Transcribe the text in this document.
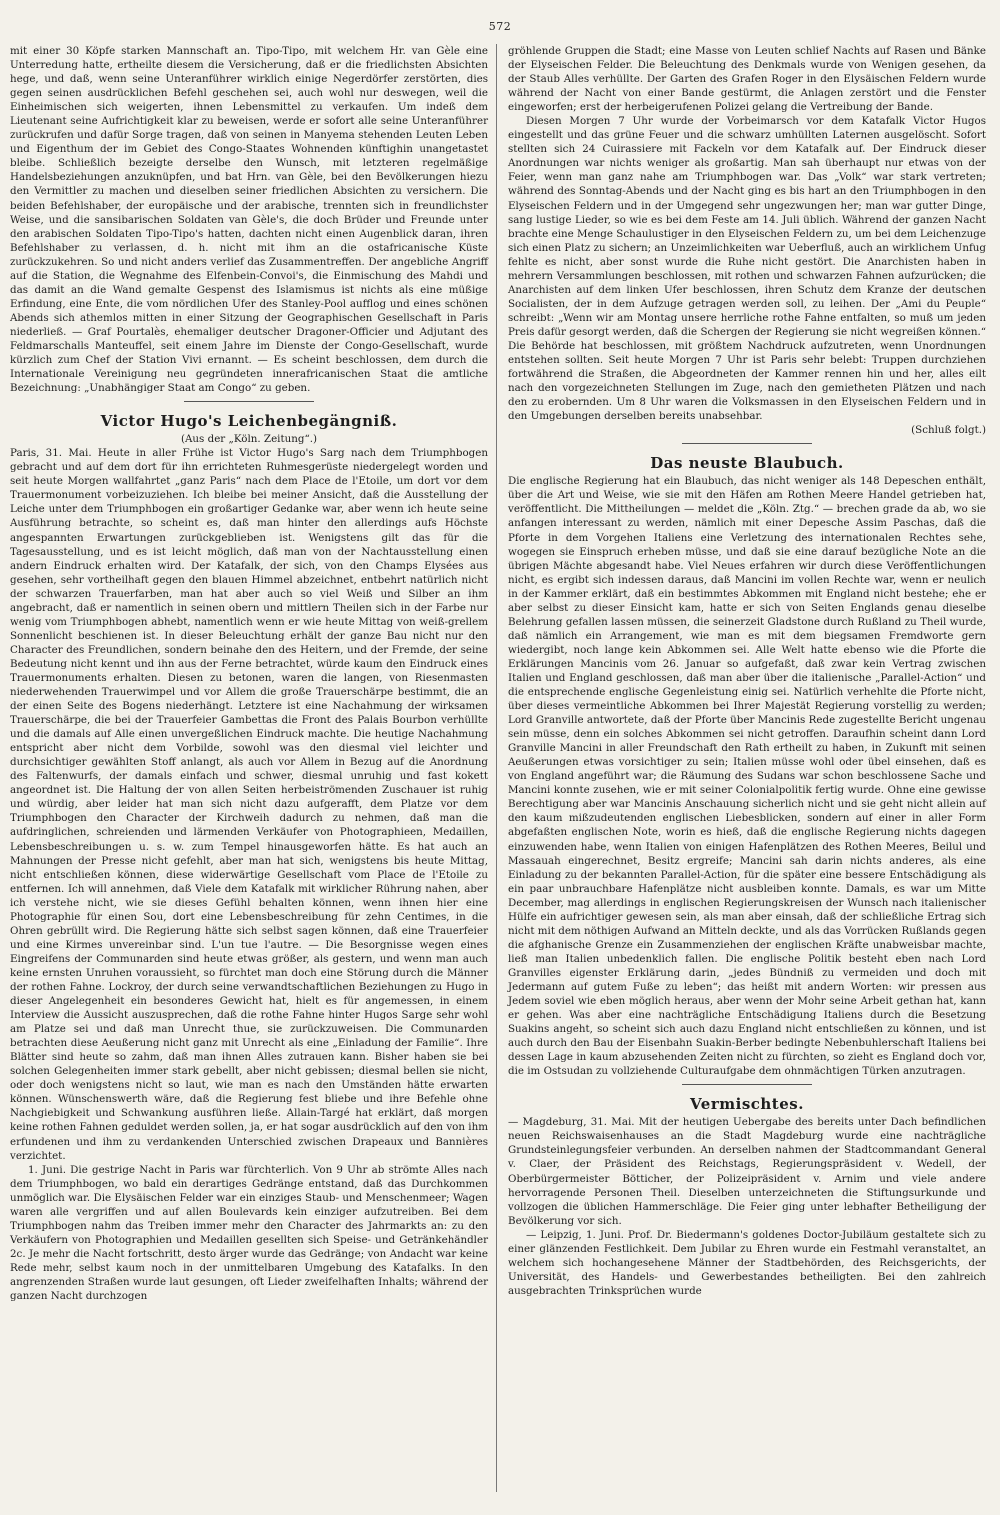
572

mit einer 30 Köpfe starken Mannschaft an. Tipo-Tipo, mit welchem Hr. van Gèle eine Unterredung hatte, ertheilte diesem die Versicherung, daß er die friedlichsten Absichten hege, und daß, wenn seine Unteranführer wirklich einige Negerdörfer zerstörten, dies gegen seinen ausdrücklichen Befehl geschehen sei, auch wohl nur deswegen, weil die Einheimischen sich weigerten, ihnen Lebensmittel zu verkaufen. Um indeß dem Lieutenant seine Aufrichtigkeit klar zu beweisen, werde er sofort alle seine Unteranführer zurückrufen und dafür Sorge tragen, daß von seinen in Manyema stehenden Leuten Leben und Eigenthum der im Gebiet des Congo-Staates Wohnenden künftighin unangetastet bleibe. Schließlich bezeigte derselbe den Wunsch, mit letzteren regelmäßige Handelsbeziehungen anzuknüpfen, und bat Hrn. van Gèle, bei den Bevölkerungen hiezu den Vermittler zu machen und dieselben seiner friedlichen Absichten zu versichern. Die beiden Befehlshaber, der europäische und der arabische, trennten sich in freundlichster Weise, und die sansibarischen Soldaten van Gèle's, die doch Brüder und Freunde unter den arabischen Soldaten Tipo-Tipo's hatten, dachten nicht einen Augenblick daran, ihren Befehlshaber zu verlassen, d. h. nicht mit ihm an die ostafricanische Küste zurückzukehren. So und nicht anders verlief das Zusammentreffen. Der angebliche Angriff auf die Station, die Wegnahme des Elfenbein-Convoi's, die Einmischung des Mahdi und das damit an die Wand gemalte Gespenst des Islamismus ist nichts als eine müßige Erfindung, eine Ente, die vom nördlichen Ufer des Stanley-Pool aufflog und eines schönen Abends sich athemlos mitten in einer Sitzung der Geographischen Gesellschaft in Paris niederließ. — Graf Pourtalès, ehemaliger deutscher Dragoner-Officier und Adjutant des Feldmarschalls Manteuffel, seit einem Jahre im Dienste der Congo-Gesellschaft, wurde kürzlich zum Chef der Station Vivi ernannt. — Es scheint beschlossen, dem durch die Internationale Vereinigung neu gegründeten innerafricanischen Staat die amtliche Bezeichnung: „Unabhängiger Staat am Congo“ zu geben.

Victor Hugo's Leichenbegängniß.

(Aus der „Köln. Zeitung“.)

Paris, 31. Mai. Heute in aller Frühe ist Victor Hugo's Sarg nach dem Triumphbogen gebracht und auf dem dort für ihn errichteten Ruhmesgerüste niedergelegt worden und seit heute Morgen wallfahrtet „ganz Paris“ nach dem Place de l'Etoile, um dort vor dem Trauermonument vorbeizuziehen. Ich bleibe bei meiner Ansicht, daß die Ausstellung der Leiche unter dem Triumphbogen ein großartiger Gedanke war, aber wenn ich heute seine Ausführung betrachte, so scheint es, daß man hinter den allerdings aufs Höchste angespannten Erwartungen zurückgeblieben ist. Wenigstens gilt das für die Tagesausstellung, und es ist leicht möglich, daß man von der Nachtausstellung einen andern Eindruck erhalten wird. Der Katafalk, der sich, von den Champs Elysées aus gesehen, sehr vortheilhaft gegen den blauen Himmel abzeichnet, entbehrt natürlich nicht der schwarzen Trauerfarben, man hat aber auch so viel Weiß und Silber an ihm angebracht, daß er namentlich in seinen obern und mittlern Theilen sich in der Farbe nur wenig vom Triumphbogen abhebt, namentlich wenn er wie heute Mittag von weiß-grellem Sonnenlicht beschienen ist. In dieser Beleuchtung erhält der ganze Bau nicht nur den Character des Freundlichen, sondern beinahe den des Heitern, und der Fremde, der seine Bedeutung nicht kennt und ihn aus der Ferne betrachtet, würde kaum den Eindruck eines Trauermonuments erhalten. Diesen zu betonen, waren die langen, von Riesenmasten niederwehenden Trauerwimpel und vor Allem die große Trauerschärpe bestimmt, die an der einen Seite des Bogens niederhängt. Letztere ist eine Nachahmung der wirksamen Trauerschärpe, die bei der Trauerfeier Gambettas die Front des Palais Bourbon verhüllte und die damals auf Alle einen unvergeßlichen Eindruck machte. Die heutige Nachahmung entspricht aber nicht dem Vorbilde, sowohl was den diesmal viel leichter und durchsichtiger gewählten Stoff anlangt, als auch vor Allem in Bezug auf die Anordnung des Faltenwurfs, der damals einfach und schwer, diesmal unruhig und fast kokett angeordnet ist. Die Haltung der von allen Seiten herbeiströmenden Zuschauer ist ruhig und würdig, aber leider hat man sich nicht dazu aufgerafft, dem Platze vor dem Triumphbogen den Character der Kirchweih dadurch zu nehmen, daß man die aufdringlichen, schreienden und lärmenden Verkäufer von Photographieen, Medaillen, Lebensbeschreibungen u. s. w. zum Tempel hinausgeworfen hätte. Es hat auch an Mahnungen der Presse nicht gefehlt, aber man hat sich, wenigstens bis heute Mittag, nicht entschließen können, diese widerwärtige Gesellschaft vom Place de l'Etoile zu entfernen. Ich will annehmen, daß Viele dem Katafalk mit wirklicher Rührung nahen, aber ich verstehe nicht, wie sie dieses Gefühl behalten können, wenn ihnen hier eine Photographie für einen Sou, dort eine Lebensbeschreibung für zehn Centimes, in die Ohren gebrüllt wird. Die Regierung hätte sich selbst sagen können, daß eine Trauerfeier und eine Kirmes unvereinbar sind. L'un tue l'autre. — Die Besorgnisse wegen eines Eingreifens der Communarden sind heute etwas größer, als gestern, und wenn man auch keine ernsten Unruhen voraussieht, so fürchtet man doch eine Störung durch die Männer der rothen Fahne. Lockroy, der durch seine verwandtschaftlichen Beziehungen zu Hugo in dieser Angelegenheit ein besonderes Gewicht hat, hielt es für angemessen, in einem Interview die Aussicht auszusprechen, daß die rothe Fahne hinter Hugos Sarge sehr wohl am Platze sei und daß man Unrecht thue, sie zurückzuweisen. Die Communarden betrachten diese Aeußerung nicht ganz mit Unrecht als eine „Einladung der Familie“. Ihre Blätter sind heute so zahm, daß man ihnen Alles zutrauen kann. Bisher haben sie bei solchen Gelegenheiten immer stark gebellt, aber nicht gebissen; diesmal bellen sie nicht, oder doch wenigstens nicht so laut, wie man es nach den Umständen hätte erwarten können. Wünschenswerth wäre, daß die Regierung fest bliebe und ihre Befehle ohne Nachgiebigkeit und Schwankung ausführen ließe. Allain-Targé hat erklärt, daß morgen keine rothen Fahnen geduldet werden sollen, ja, er hat sogar ausdrücklich auf den von ihm erfundenen und ihm zu verdankenden Unterschied zwischen Drapeaux und Bannières verzichtet.

1. Juni. Die gestrige Nacht in Paris war fürchterlich. Von 9 Uhr ab strömte Alles nach dem Triumphbogen, wo bald ein derartiges Gedränge entstand, daß das Durchkommen unmöglich war. Die Elysäischen Felder war ein einziges Staub- und Menschenmeer; Wagen waren alle vergriffen und auf allen Boulevards kein einziger aufzutreiben. Bei dem Triumphbogen nahm das Treiben immer mehr den Character des Jahrmarkts an: zu den Verkäufern von Photographien und Medaillen gesellten sich Speise- und Getränkehändler 2c. Je mehr die Nacht fortschritt, desto ärger wurde das Gedränge; von Andacht war keine Rede mehr, selbst kaum noch in der unmittelbaren Umgebung des Katafalks. In den angrenzenden Straßen wurde laut gesungen, oft Lieder zweifelhaften Inhalts; während der ganzen Nacht durchzogen

gröhlende Gruppen die Stadt; eine Masse von Leuten schlief Nachts auf Rasen und Bänke der Elyseischen Felder. Die Beleuchtung des Denkmals wurde von Wenigen gesehen, da der Staub Alles verhüllte. Der Garten des Grafen Roger in den Elysäischen Feldern wurde während der Nacht von einer Bande gestürmt, die Anlagen zerstört und die Fenster eingeworfen; erst der herbeigerufenen Polizei gelang die Vertreibung der Bande.

Diesen Morgen 7 Uhr wurde der Vorbeimarsch vor dem Katafalk Victor Hugos eingestellt und das grüne Feuer und die schwarz umhüllten Laternen ausgelöscht. Sofort stellten sich 24 Cuirassiere mit Fackeln vor dem Katafalk auf. Der Eindruck dieser Anordnungen war nichts weniger als großartig. Man sah überhaupt nur etwas von der Feier, wenn man ganz nahe am Triumphbogen war. Das „Volk“ war stark vertreten; während des Sonntag-Abends und der Nacht ging es bis hart an den Triumphbogen in den Elyseischen Feldern und in der Umgegend sehr ungezwungen her; man war gutter Dinge, sang lustige Lieder, so wie es bei dem Feste am 14. Juli üblich. Während der ganzen Nacht brachte eine Menge Schaulustiger in den Elyseischen Feldern zu, um bei dem Leichenzuge sich einen Platz zu sichern; an Unzeimlichkeiten war Ueberfluß, auch an wirklichem Unfug fehlte es nicht, aber sonst wurde die Ruhe nicht gestört. Die Anarchisten haben in mehrern Versammlungen beschlossen, mit rothen und schwarzen Fahnen aufzurücken; die Anarchisten auf dem linken Ufer beschlossen, ihren Schutz dem Kranze der deutschen Socialisten, der in dem Aufzuge getragen werden soll, zu leihen. Der „Ami du Peuple“ schreibt: „Wenn wir am Montag unsere herrliche rothe Fahne entfalten, so muß um jeden Preis dafür gesorgt werden, daß die Schergen der Regierung sie nicht wegreißen können.“ Die Behörde hat beschlossen, mit größtem Nachdruck aufzutreten, wenn Unordnungen entstehen sollten. Seit heute Morgen 7 Uhr ist Paris sehr belebt: Truppen durchziehen fortwährend die Straßen, die Abgeordneten der Kammer rennen hin und her, alles eilt nach den vorgezeichneten Stellungen im Zuge, nach den gemietheten Plätzen und nach den zu erobernden. Um 8 Uhr waren die Volksmassen in den Elyseischen Feldern und in den Umgebungen derselben bereits unabsehbar.

(Schluß folgt.)

Das neuste Blaubuch.

Die englische Regierung hat ein Blaubuch, das nicht weniger als 148 Depeschen enthält, über die Art und Weise, wie sie mit den Häfen am Rothen Meere Handel getrieben hat, veröffentlicht. Die Mittheilungen — meldet die „Köln. Ztg.“ — brechen grade da ab, wo sie anfangen interessant zu werden, nämlich mit einer Depesche Assim Paschas, daß die Pforte in dem Vorgehen Italiens eine Verletzung des internationalen Rechtes sehe, wogegen sie Einspruch erheben müsse, und daß sie eine darauf bezügliche Note an die übrigen Mächte abgesandt habe. Viel Neues erfahren wir durch diese Veröffentlichungen nicht, es ergibt sich indessen daraus, daß Mancini im vollen Rechte war, wenn er neulich in der Kammer erklärt, daß ein bestimmtes Abkommen mit England nicht bestehe; ehe er aber selbst zu dieser Einsicht kam, hatte er sich von Seiten Englands genau dieselbe Belehrung gefallen lassen müssen, die seinerzeit Gladstone durch Rußland zu Theil wurde, daß nämlich ein Arrangement, wie man es mit dem biegsamen Fremdworte gern wiedergibt, noch lange kein Abkommen sei. Alle Welt hatte ebenso wie die Pforte die Erklärungen Mancinis vom 26. Januar so aufgefaßt, daß zwar kein Vertrag zwischen Italien und England geschlossen, daß man aber über die italienische „Parallel-Action“ und die entsprechende englische Gegenleistung einig sei. Natürlich verhehlte die Pforte nicht, über dieses vermeintliche Abkommen bei Ihrer Majestät Regierung vorstellig zu werden; Lord Granville antwortete, daß der Pforte über Mancinis Rede zugestellte Bericht ungenau sein müsse, denn ein solches Abkommen sei nicht getroffen. Daraufhin scheint dann Lord Granville Mancini in aller Freundschaft den Rath ertheilt zu haben, in Zukunft mit seinen Aeußerungen etwas vorsichtiger zu sein; Italien müsse wohl oder übel einsehen, daß es von England angeführt war; die Räumung des Sudans war schon beschlossene Sache und Mancini konnte zusehen, wie er mit seiner Colonialpolitik fertig wurde. Ohne eine gewisse Berechtigung aber war Mancinis Anschauung sicherlich nicht und sie geht nicht allein auf den kaum mißzudeutenden englischen Liebesblicken, sondern auf einer in aller Form abgefaßten englischen Note, worin es hieß, daß die englische Regierung nichts dagegen einzuwenden habe, wenn Italien von einigen Hafenplätzen des Rothen Meeres, Beilul und Massauah eingerechnet, Besitz ergreife; Mancini sah darin nichts anderes, als eine Einladung zu der bekannten Parallel-Action, für die später eine bessere Entschädigung als ein paar unbrauchbare Hafenplätze nicht ausbleiben konnte. Damals, es war um Mitte December, mag allerdings in englischen Regierungskreisen der Wunsch nach italienischer Hülfe ein aufrichtiger gewesen sein, als man aber einsah, daß der schließliche Ertrag sich nicht mit dem nöthigen Aufwand an Mitteln deckte, und als das Vorrücken Rußlands gegen die afghanische Grenze ein Zusammenziehen der englischen Kräfte unabweisbar machte, ließ man Italien unbedenklich fallen. Die englische Politik besteht eben nach Lord Granvilles eigenster Erklärung darin, „jedes Bündniß zu vermeiden und doch mit Jedermann auf gutem Fuße zu leben“; das heißt mit andern Worten: wir pressen aus Jedem soviel wie eben möglich heraus, aber wenn der Mohr seine Arbeit gethan hat, kann er gehen. Was aber eine nachträgliche Entschädigung Italiens durch die Besetzung Suakins angeht, so scheint sich auch dazu England nicht entschließen zu können, und ist auch durch den Bau der Eisenbahn Suakin-Berber bedingte Nebenbuhlerschaft Italiens bei dessen Lage in kaum abzusehenden Zeiten nicht zu fürchten, so zieht es England doch vor, die im Ostsudan zu vollziehende Culturaufgabe dem ohnmächtigen Türken anzutragen.

Vermischtes.

— Magdeburg, 31. Mai. Mit der heutigen Uebergabe des bereits unter Dach befindlichen neuen Reichswaisenhauses an die Stadt Magdeburg wurde eine nachträgliche Grundsteinlegungsfeier verbunden. An derselben nahmen der Stadtcommandant General v. Claer, der Präsident des Reichstags, Regierungspräsident v. Wedell, der Oberbürgermeister Bötticher, der Polizeipräsident v. Arnim und viele andere hervorragende Personen Theil. Dieselben unterzeichneten die Stiftungsurkunde und vollzogen die üblichen Hammerschläge. Die Feier ging unter lebhafter Betheiligung der Bevölkerung vor sich.

— Leipzig, 1. Juni. Prof. Dr. Biedermann's goldenes Doctor-Jubiläum gestaltete sich zu einer glänzenden Festlichkeit. Dem Jubilar zu Ehren wurde ein Festmahl veranstaltet, an welchem sich hochangesehene Männer der Stadtbehörden, des Reichsgerichts, der Universität, des Handels- und Gewerbestandes betheiligten. Bei den zahlreich ausgebrachten Trinksprüchen wurde
